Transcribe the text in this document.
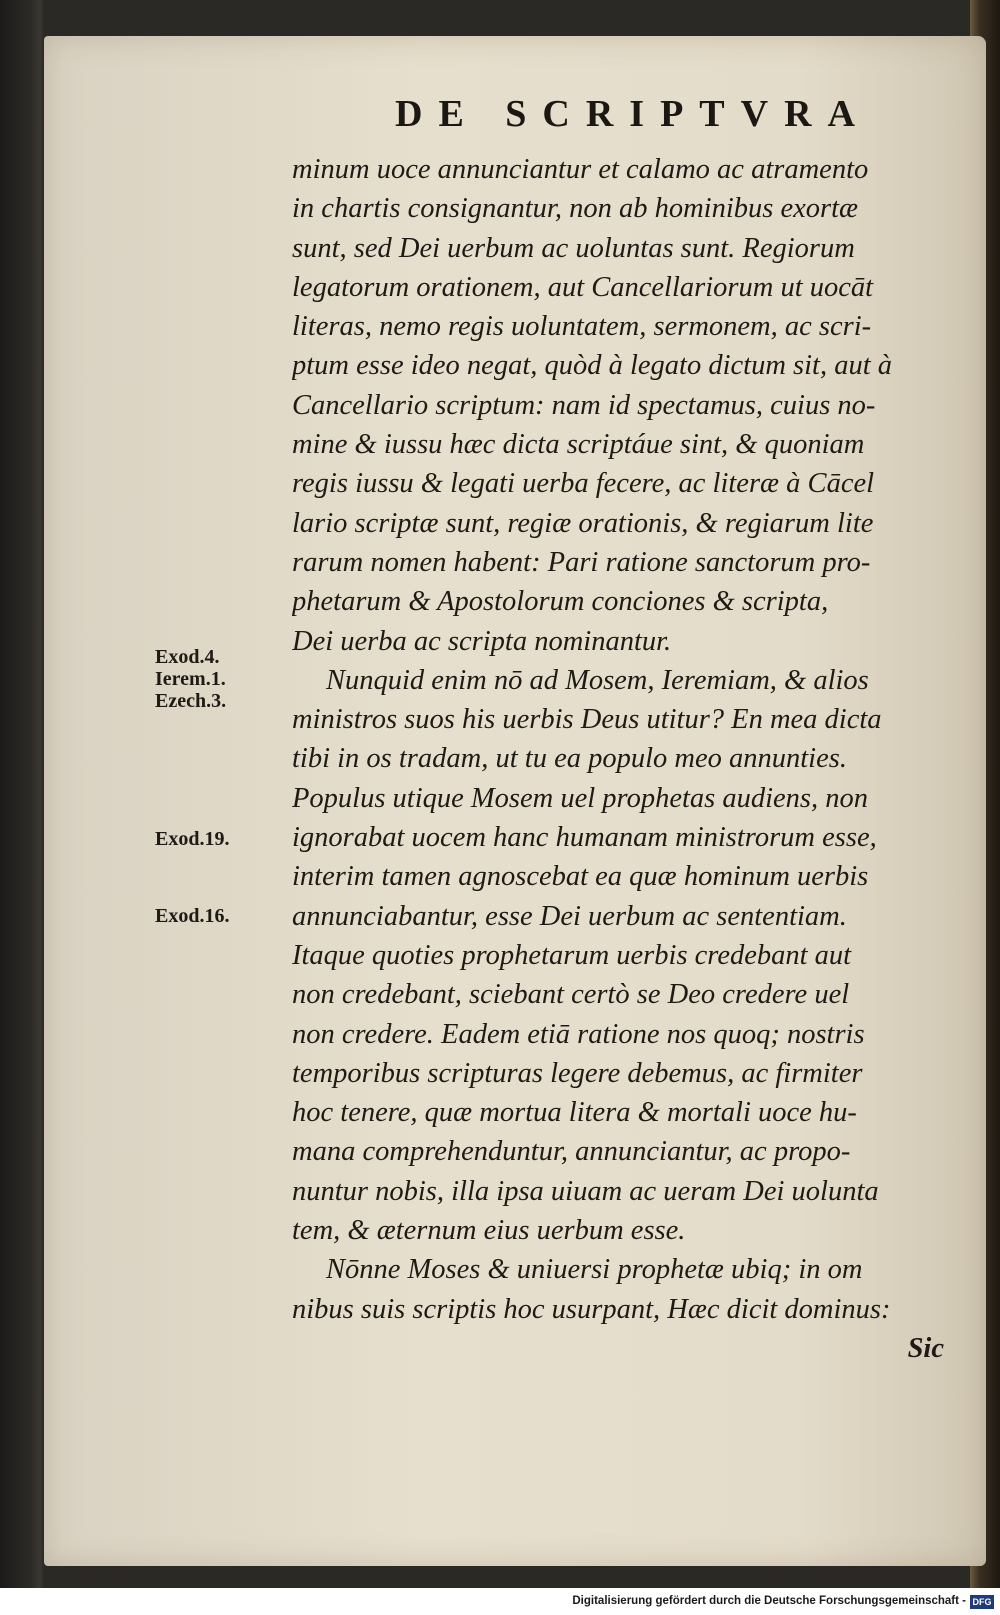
DE SCRIPTVRA
minum uoce annunciantur et calamo ac atramento
in chartis consignantur, non ab hominibus exortæ
sunt, sed Dei uerbum ac uoluntas sunt. Regiorum
legatorum orationem, aut Cancellariorum ut uocāt
literas, nemo regis uoluntatem, sermonem, ac scri-
ptum esse ideo negat, quòd à legato dictum sit, aut à
Cancellario scriptum: nam id spectamus, cuius no-
mine & iussu hæc dicta scriptáue sint, & quoniam
regis iussu & legati uerba fecere, ac literæ à Cācel
lario scriptæ sunt, regiæ orationis, & regiarum lite
rarum nomen habent: Pari ratione sanctorum pro-
phetarum & Apostolorum conciones & scripta,
Dei uerba ac scripta nominantur.
Nunquid enim nō ad Mosem, Ieremiam, & alios
ministros suos his uerbis Deus utitur? En mea dicta
tibi in os tradam, ut tu ea populo meo annunties.
Populus utique Mosem uel prophetas audiens, non
ignorabat uocem hanc humanam ministrorum esse,
interim tamen agnoscebat ea quæ hominum uerbis
annunciabantur, esse Dei uerbum ac sententiam.
Itaque quoties prophetarum uerbis credebant aut
non credebant, sciebant certò se Deo credere uel
non credere. Eadem etiā ratione nos quoq; nostris
temporibus scripturas legere debemus, ac firmiter
hoc tenere, quæ mortua litera & mortali uoce hu-
mana comprehenduntur, annunciantur, ac propo-
nuntur nobis, illa ipsa uiuam ac ueram Dei uolunta
tem, & æternum eius uerbum esse.
Nōnne Moses & uniuersi prophetæ ubiq; in om
nibus suis scriptis hoc usurpant, Hæc dicit dominus:
Sic
Exod.4.
Ierem.1.
Ezech.3.
Exod.19.
Exod.16.
Digitalisierung gefördert durch die Deutsche Forschungsgemeinschaft - DFG
